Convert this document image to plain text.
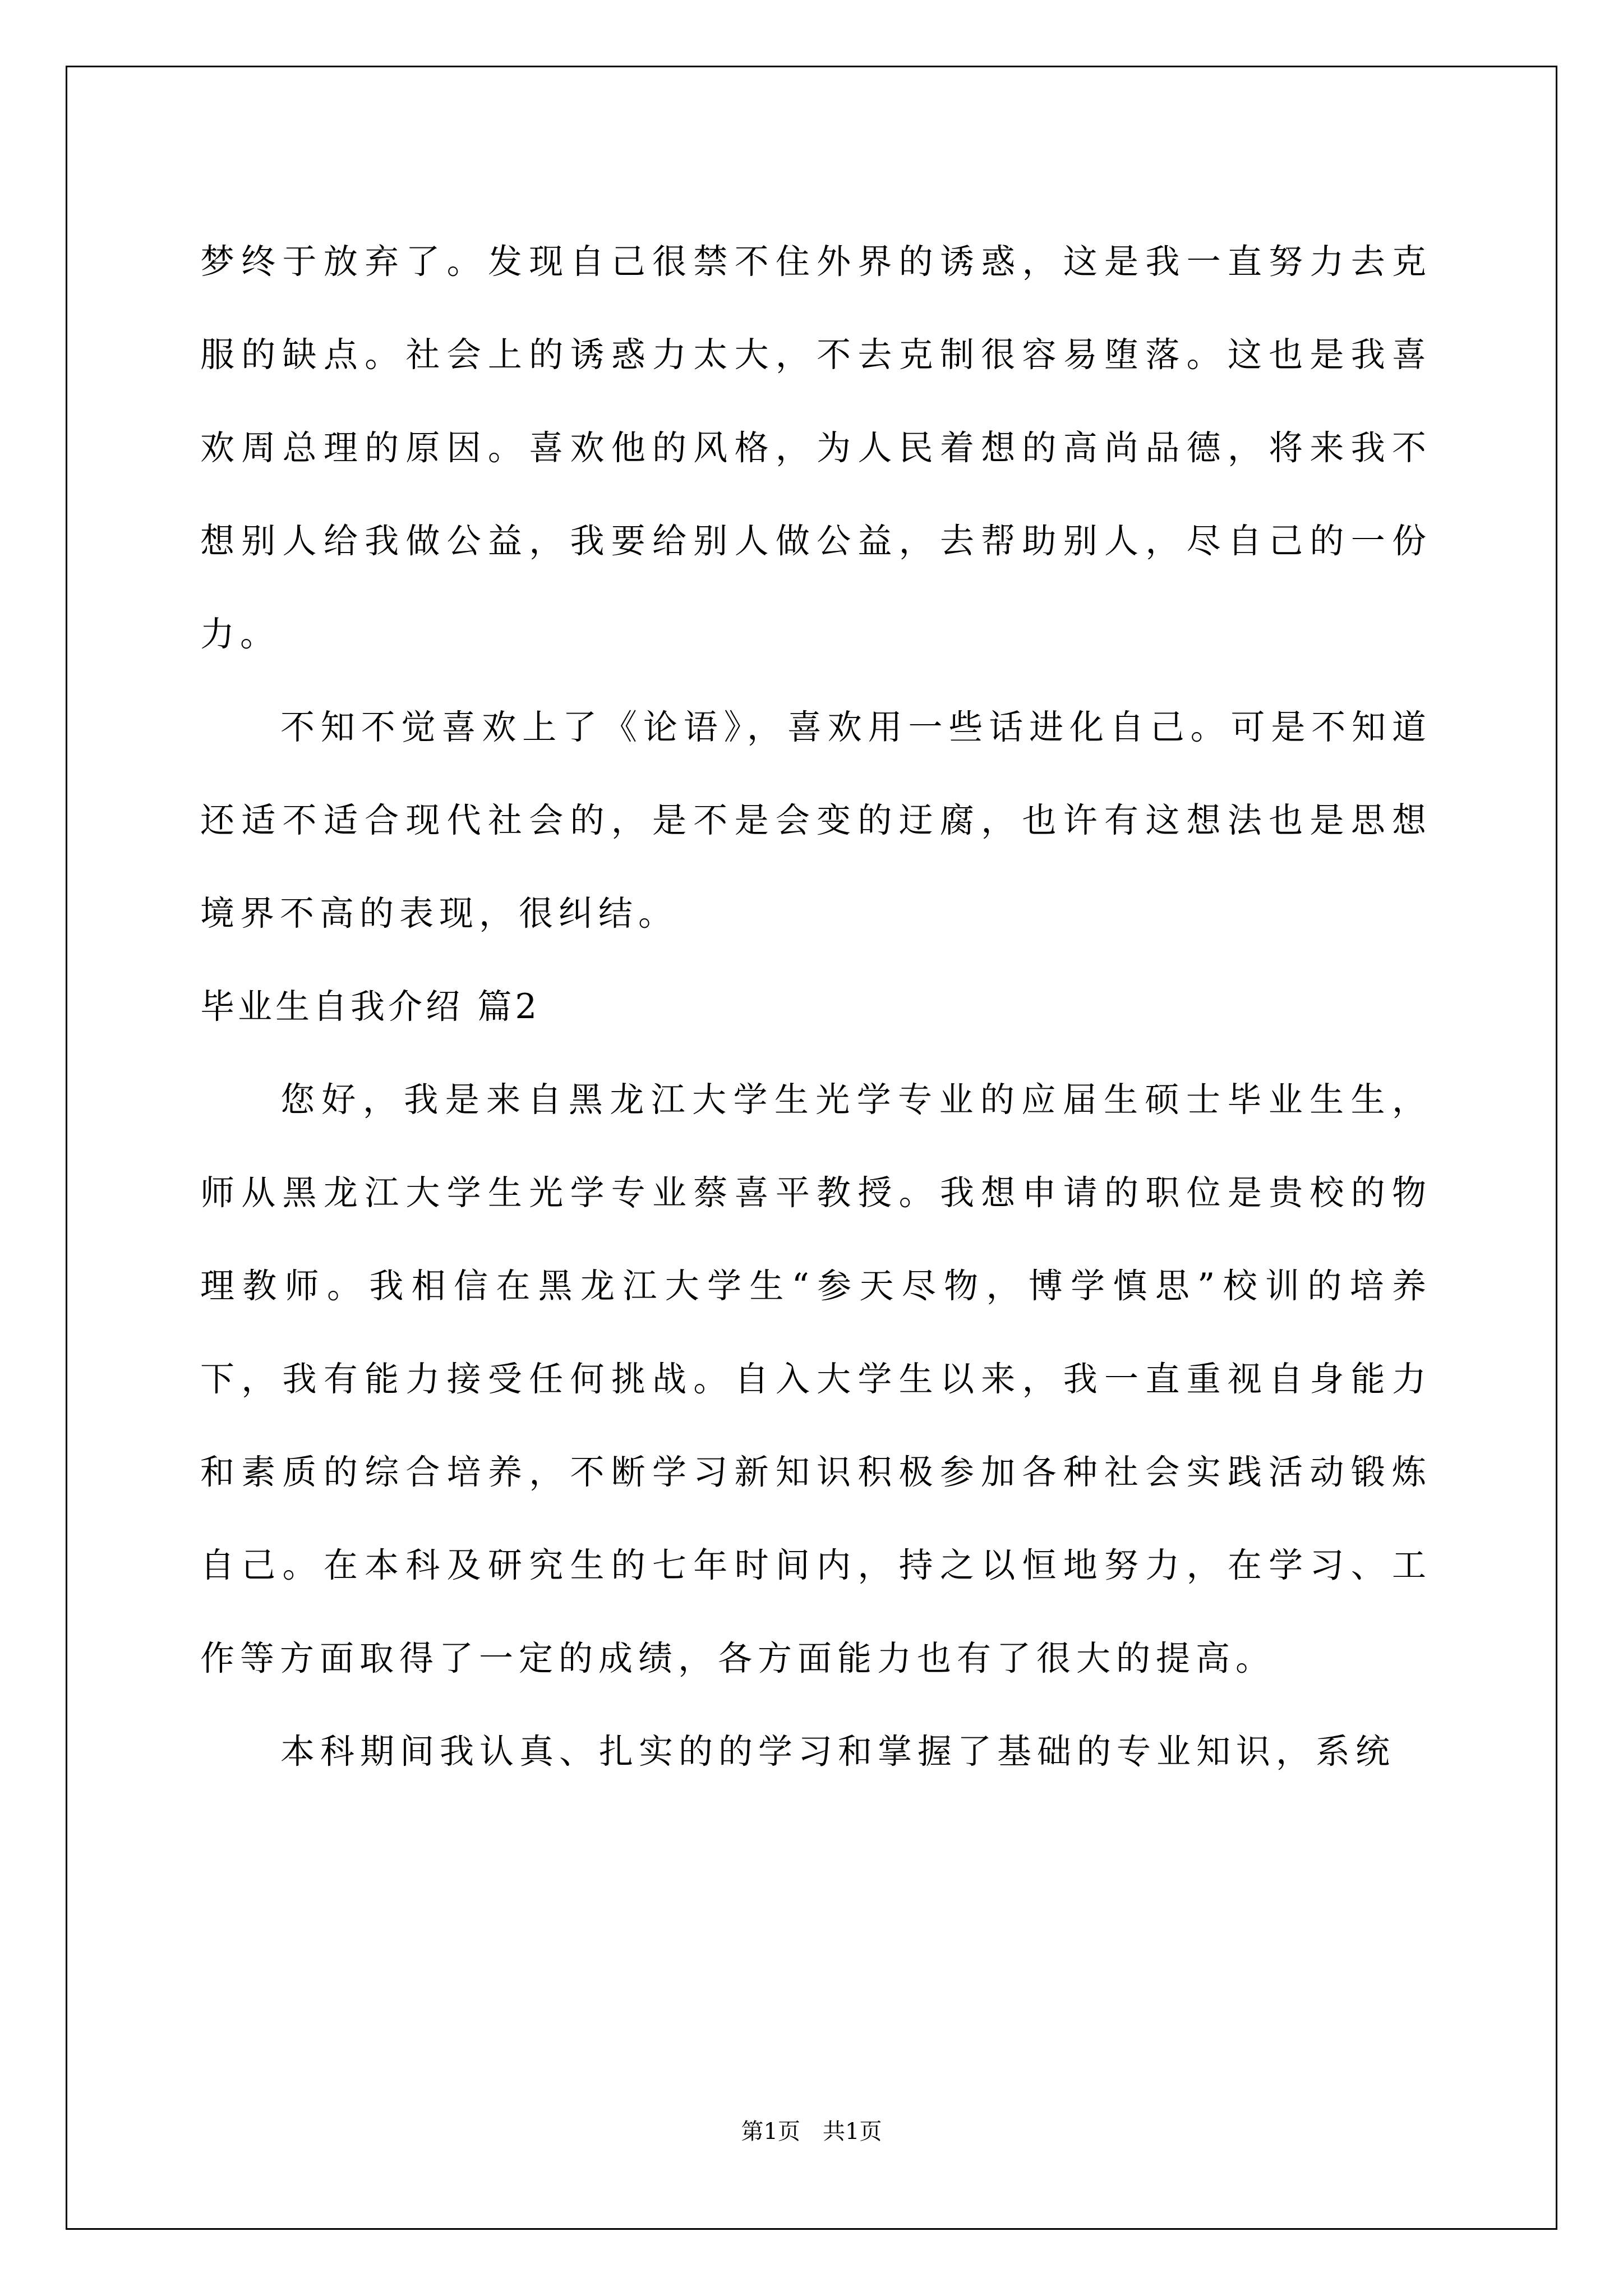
梦终于放弃了。发现自己很禁不住外界的诱惑，这是我一直努力去克服的缺点。社会上的诱惑力太大，不去克制很容易堕落。这也是我喜欢周总理的原因。喜欢他的风格，为人民着想的高尚品德，将来我不想别人给我做公益，我要给别人做公益，去帮助别人，尽自己的一份力。

不知不觉喜欢上了《论语》，喜欢用一些话进化自己。可是不知道还适不适合现代社会的，是不是会变的迂腐，也许有这想法也是思想境界不高的表现，很纠结。

毕业生自我介绍 篇2

您好，我是来自黑龙江大学生光学专业的应届生硕士毕业生生，师从黑龙江大学生光学专业蔡喜平教授。我想申请的职位是贵校的物理教师。我相信在黑龙江大学生“参天尽物，博学慎思”校训的培养下，我有能力接受任何挑战。自入大学生以来，我一直重视自身能力和素质的综合培养，不断学习新知识积极参加各种社会实践活动锻炼自己。在本科及研究生的七年时间内，持之以恒地努力，在学习、工作等方面取得了一定的成绩，各方面能力也有了很大的提高。

本科期间我认真、扎实的的学习和掌握了基础的专业知识，系统

第1页　共1页
